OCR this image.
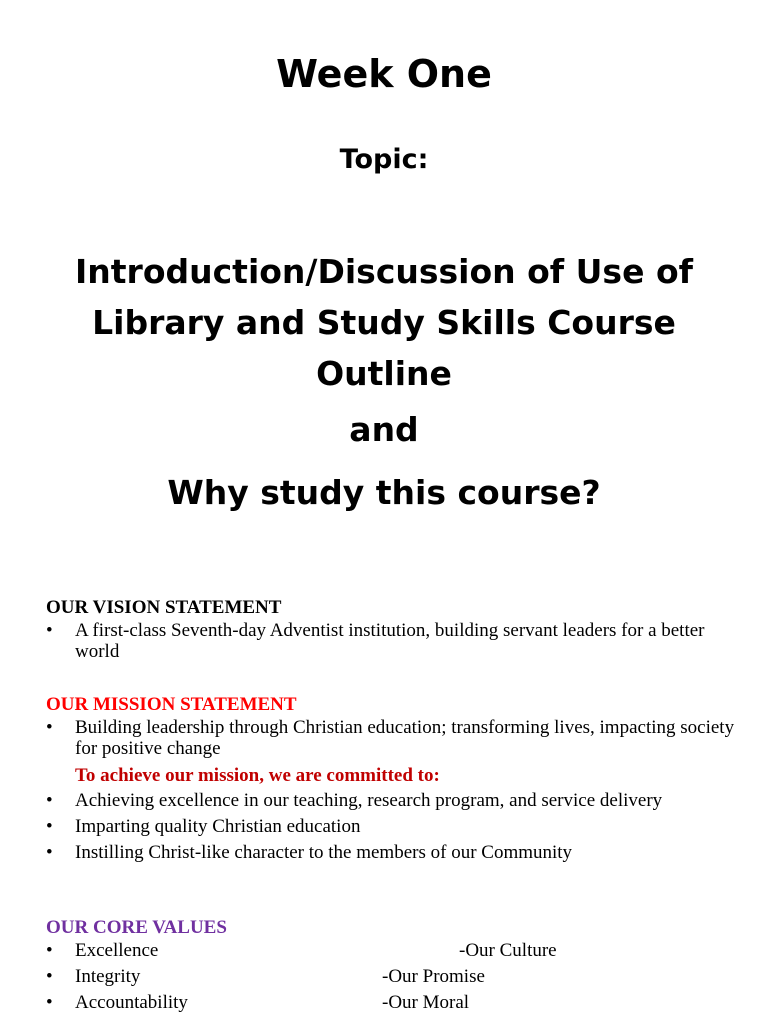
Week One
Topic:
Introduction/Discussion of Use of
Library and Study Skills Course
Outline
and
Why study this course?

OUR VISION STATEMENT

• A first-class Seventh-day Adventist institution, building servant leaders for a better world

OUR MISSION STATEMENT

• Building leadership through Christian education; transforming lives, impacting society for positive change

To achieve our mission, we are committed to:

• Achieving excellence in our teaching, research program, and service delivery
• Imparting quality Christian education
• Instilling Christ-like character to the members of our Community

OUR CORE VALUES

• Excellence	-Our Culture
• Integrity	-Our Promise
• Accountability	-Our Moral
